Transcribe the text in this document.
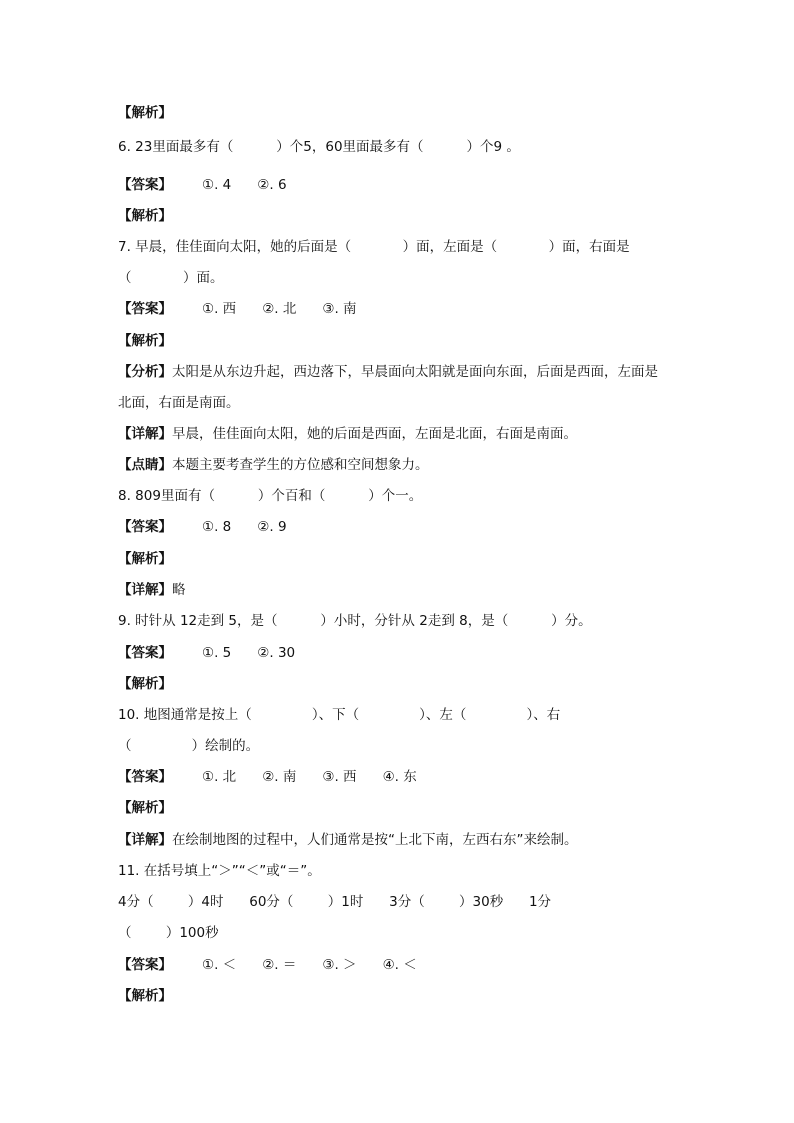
【解析】

6. 23里面最多有（          ）个5，60里面最多有（          ）个9 。

【答案】 ①. 4 ②. 6

【解析】

7. 早晨，佳佳面向太阳，她的后面是（            ）面，左面是（            ）面，右面是

（            ）面。

【答案】 ①. 西 ②. 北 ③. 南

【解析】

【分析】太阳是从东边升起，西边落下，早晨面向太阳就是面向东面，后面是西面，左面是

北面，右面是南面。

【详解】早晨，佳佳面向太阳，她的后面是西面，左面是北面，右面是南面。

【点睛】本题主要考查学生的方位感和空间想象力。

8. 809里面有（          ）个百和（          ）个一。

【答案】 ①. 8 ②. 9

【解析】

【详解】略

9. 时针从 12走到 5，是（          ）小时，分针从 2走到 8，是（          ）分。

【答案】 ①. 5 ②. 30

【解析】

10. 地图通常是按上（              ）、下（              ）、左（              ）、右

（              ）绘制的。

【答案】 ①. 北 ②. 南 ③. 西 ④. 东

【解析】

【详解】在绘制地图的过程中，人们通常是按“上北下南，左西右东”来绘制。

11. 在括号填上“＞”“＜”或“＝”。

4分（        ）4时      60分（        ）1时      3分（        ）30秒      1分

（        ）100秒

【答案】 ①. ＜ ②. ＝ ③. ＞ ④. ＜

【解析】
